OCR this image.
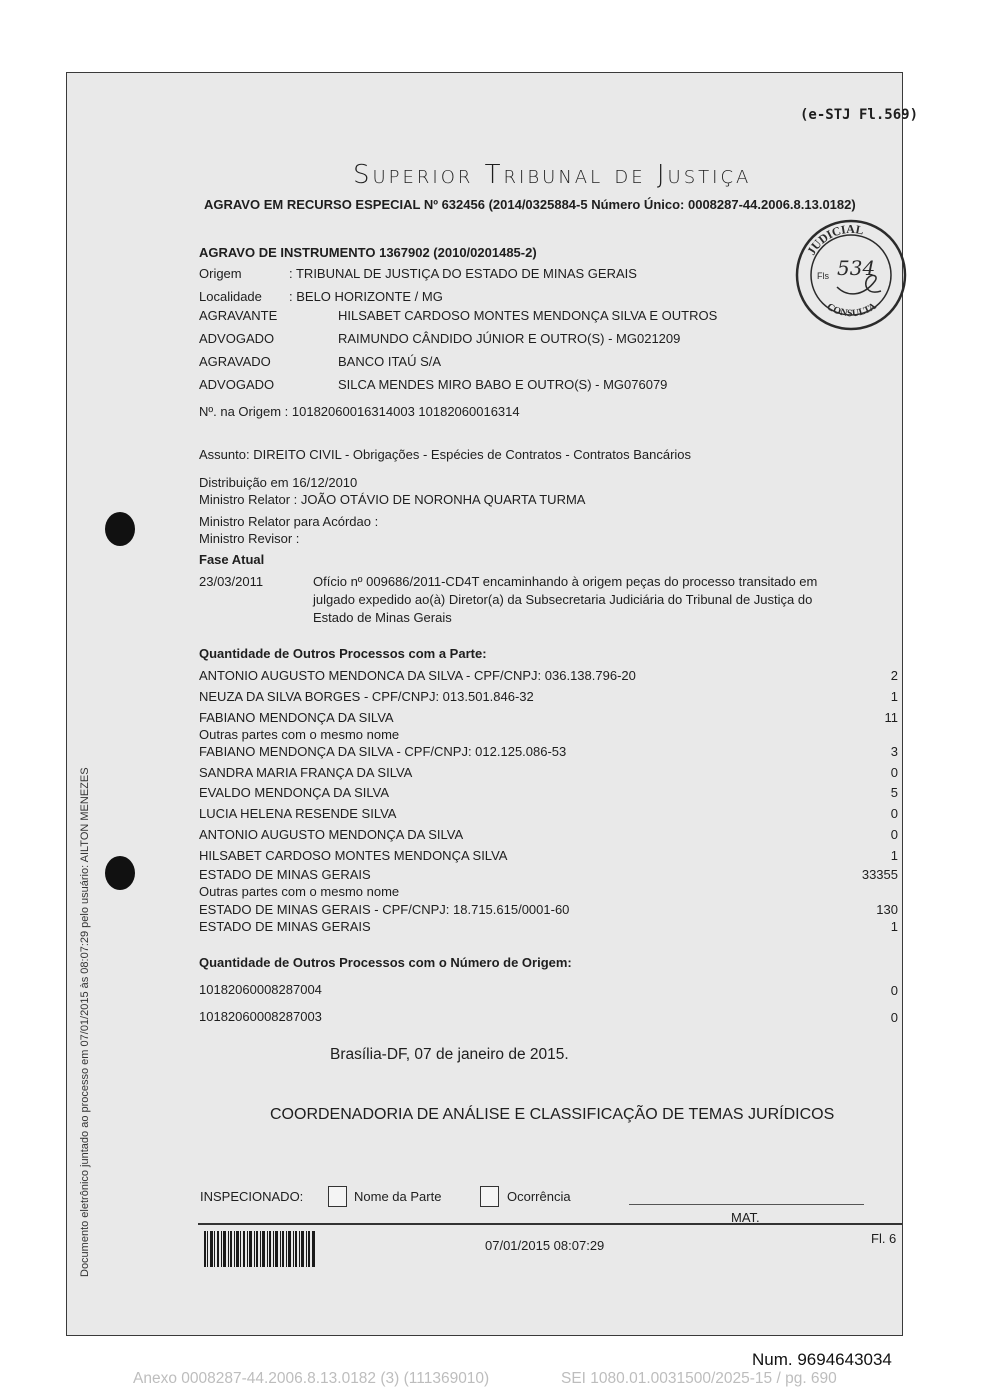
(e-STJ Fl.569)
Superior Tribunal de Justiça
AGRAVO EM RECURSO ESPECIAL Nº 632456 (2014/0325884-5 Número Único: 0008287-44.2006.8.13.0182)
JUDICIAL
CONSULTA
Fls 534
AGRAVO DE INSTRUMENTO 1367902 (2010/0201485-2)
Origem	: TRIBUNAL DE JUSTIÇA DO ESTADO DE MINAS GERAIS
Localidade : BELO HORIZONTE / MG
AGRAVANTE	HILSABET CARDOSO MONTES MENDONÇA SILVA E OUTROS
ADVOGADO	RAIMUNDO CÂNDIDO JÚNIOR E OUTRO(S) - MG021209
AGRAVADO	BANCO ITAÚ S/A
ADVOGADO	SILCA MENDES MIRO BABO E OUTRO(S) - MG076079
Nº. na Origem : 10182060016314003 10182060016314
Assunto: DIREITO CIVIL - Obrigações - Espécies de Contratos - Contratos Bancários
Distribuição em 16/12/2010
Ministro Relator : JOÃO OTÁVIO DE NORONHA QUARTA TURMA
Ministro Relator para Acórdao :
Ministro Revisor :
Fase Atual
23/03/2011	Ofício nº 009686/2011-CD4T encaminhando à origem peças do processo transitado em
julgado expedido ao(à) Diretor(a) da Subsecretaria Judiciária do Tribunal de Justiça do
Estado de Minas Gerais
Quantidade de Outros Processos com a Parte:
ANTONIO AUGUSTO MENDONCA DA SILVA - CPF/CNPJ: 036.138.796-20	2
NEUZA DA SILVA BORGES - CPF/CNPJ: 013.501.846-32	1
FABIANO MENDONÇA DA SILVA	11
Outras partes com o mesmo nome
FABIANO MENDONÇA DA SILVA - CPF/CNPJ: 012.125.086-53	3
SANDRA MARIA FRANÇA DA SILVA	0
EVALDO MENDONÇA DA SILVA	5
LUCIA HELENA RESENDE SILVA	0
ANTONIO AUGUSTO MENDONÇA DA SILVA	0
HILSABET CARDOSO MONTES MENDONÇA SILVA	1
ESTADO DE MINAS GERAIS	33355
Outras partes com o mesmo nome
ESTADO DE MINAS GERAIS - CPF/CNPJ: 18.715.615/0001-60	130
ESTADO DE MINAS GERAIS	1
Quantidade de Outros Processos com o Número de Origem:
10182060008287004	0
10182060008287003	0
Brasília-DF, 07 de janeiro de 2015.
COORDENADORIA DE ANÁLISE E CLASSIFICAÇÃO DE TEMAS JURÍDICOS
INSPECIONADO:	Nome da Parte	Ocorrência
MAT.
07/01/2015 08:07:29	Fl. 6
Documento eletrônico juntado ao processo em 07/01/2015 às 08:07:29 pelo usuário: AILTON MENEZES
Num. 9694643034
Anexo 0008287-44.2006.8.13.0182 (3) (111369010)	SEI 1080.01.0031500/2025-15 / pg. 690
